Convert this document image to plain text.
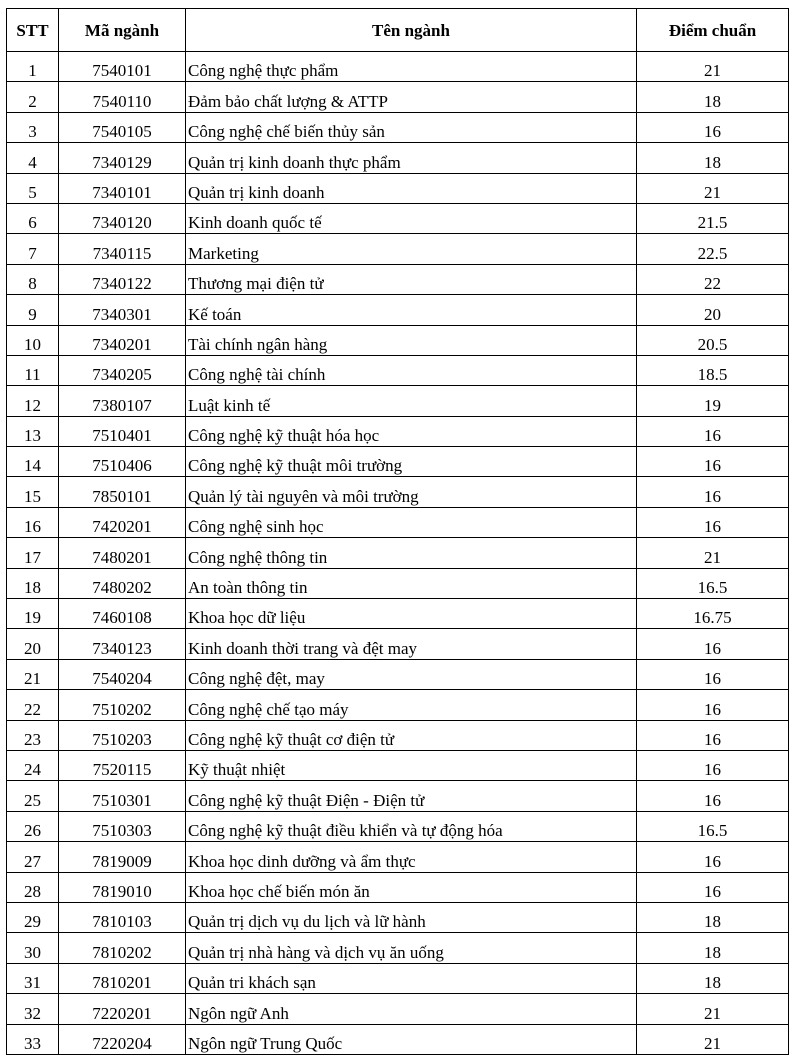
STT	Mã ngành	Tên ngành	Điểm chuẩn
1	7540101	Công nghệ thực phẩm	21
2	7540110	Đảm bảo chất lượng & ATTP	18
3	7540105	Công nghệ chế biến thủy sản	16
4	7340129	Quản trị kinh doanh thực phẩm	18
5	7340101	Quản trị kinh doanh	21
6	7340120	Kinh doanh quốc tế	21.5
7	7340115	Marketing	22.5
8	7340122	Thương mại điện tử	22
9	7340301	Kế toán	20
10	7340201	Tài chính ngân hàng	20.5
11	7340205	Công nghệ tài chính	18.5
12	7380107	Luật kinh tế	19
13	7510401	Công nghệ kỹ thuật hóa học	16
14	7510406	Công nghệ kỹ thuật môi trường	16
15	7850101	Quản lý tài nguyên và môi trường	16
16	7420201	Công nghệ sinh học	16
17	7480201	Công nghệ thông tin	21
18	7480202	An toàn thông tin	16.5
19	7460108	Khoa học dữ liệu	16.75
20	7340123	Kinh doanh thời trang và đệt may	16
21	7540204	Công nghệ đệt, may	16
22	7510202	Công nghệ chế tạo máy	16
23	7510203	Công nghệ kỹ thuật cơ điện tử	16
24	7520115	Kỹ thuật nhiệt	16
25	7510301	Công nghệ kỹ thuật Điện - Điện tử	16
26	7510303	Công nghệ kỹ thuật điều khiển và tự động hóa	16.5
27	7819009	Khoa học dinh dưỡng và ẩm thực	16
28	7819010	Khoa học chế biến món ăn	16
29	7810103	Quản trị dịch vụ du lịch và lữ hành	18
30	7810202	Quản trị nhà hàng và dịch vụ ăn uống	18
31	7810201	Quản tri khách sạn	18
32	7220201	Ngôn ngữ Anh	21
33	7220204	Ngôn ngữ Trung Quốc	21
